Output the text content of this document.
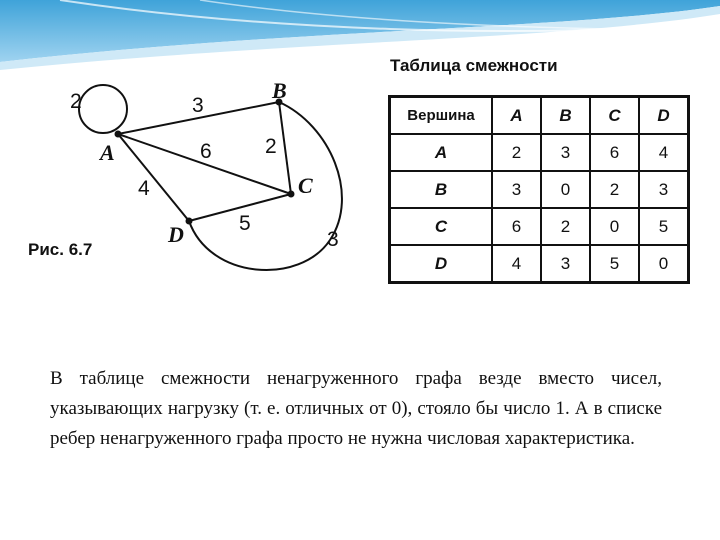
A
B
C
D
2	3
6	2
4
5
3
Рис. 6.7
Таблица смежности
Вершина	A	B	C	D
A	2	3	6	4
B	3	0	2	3
C	6	2	0	5
D	4	3	5	0
В таблице смежности ненагруженного графа везде вместо чисел, указывающих нагрузку (т. е. отличных от 0), стояло бы число 1. А в списке ребер ненагруженного графа просто не нужна числовая характеристика.
